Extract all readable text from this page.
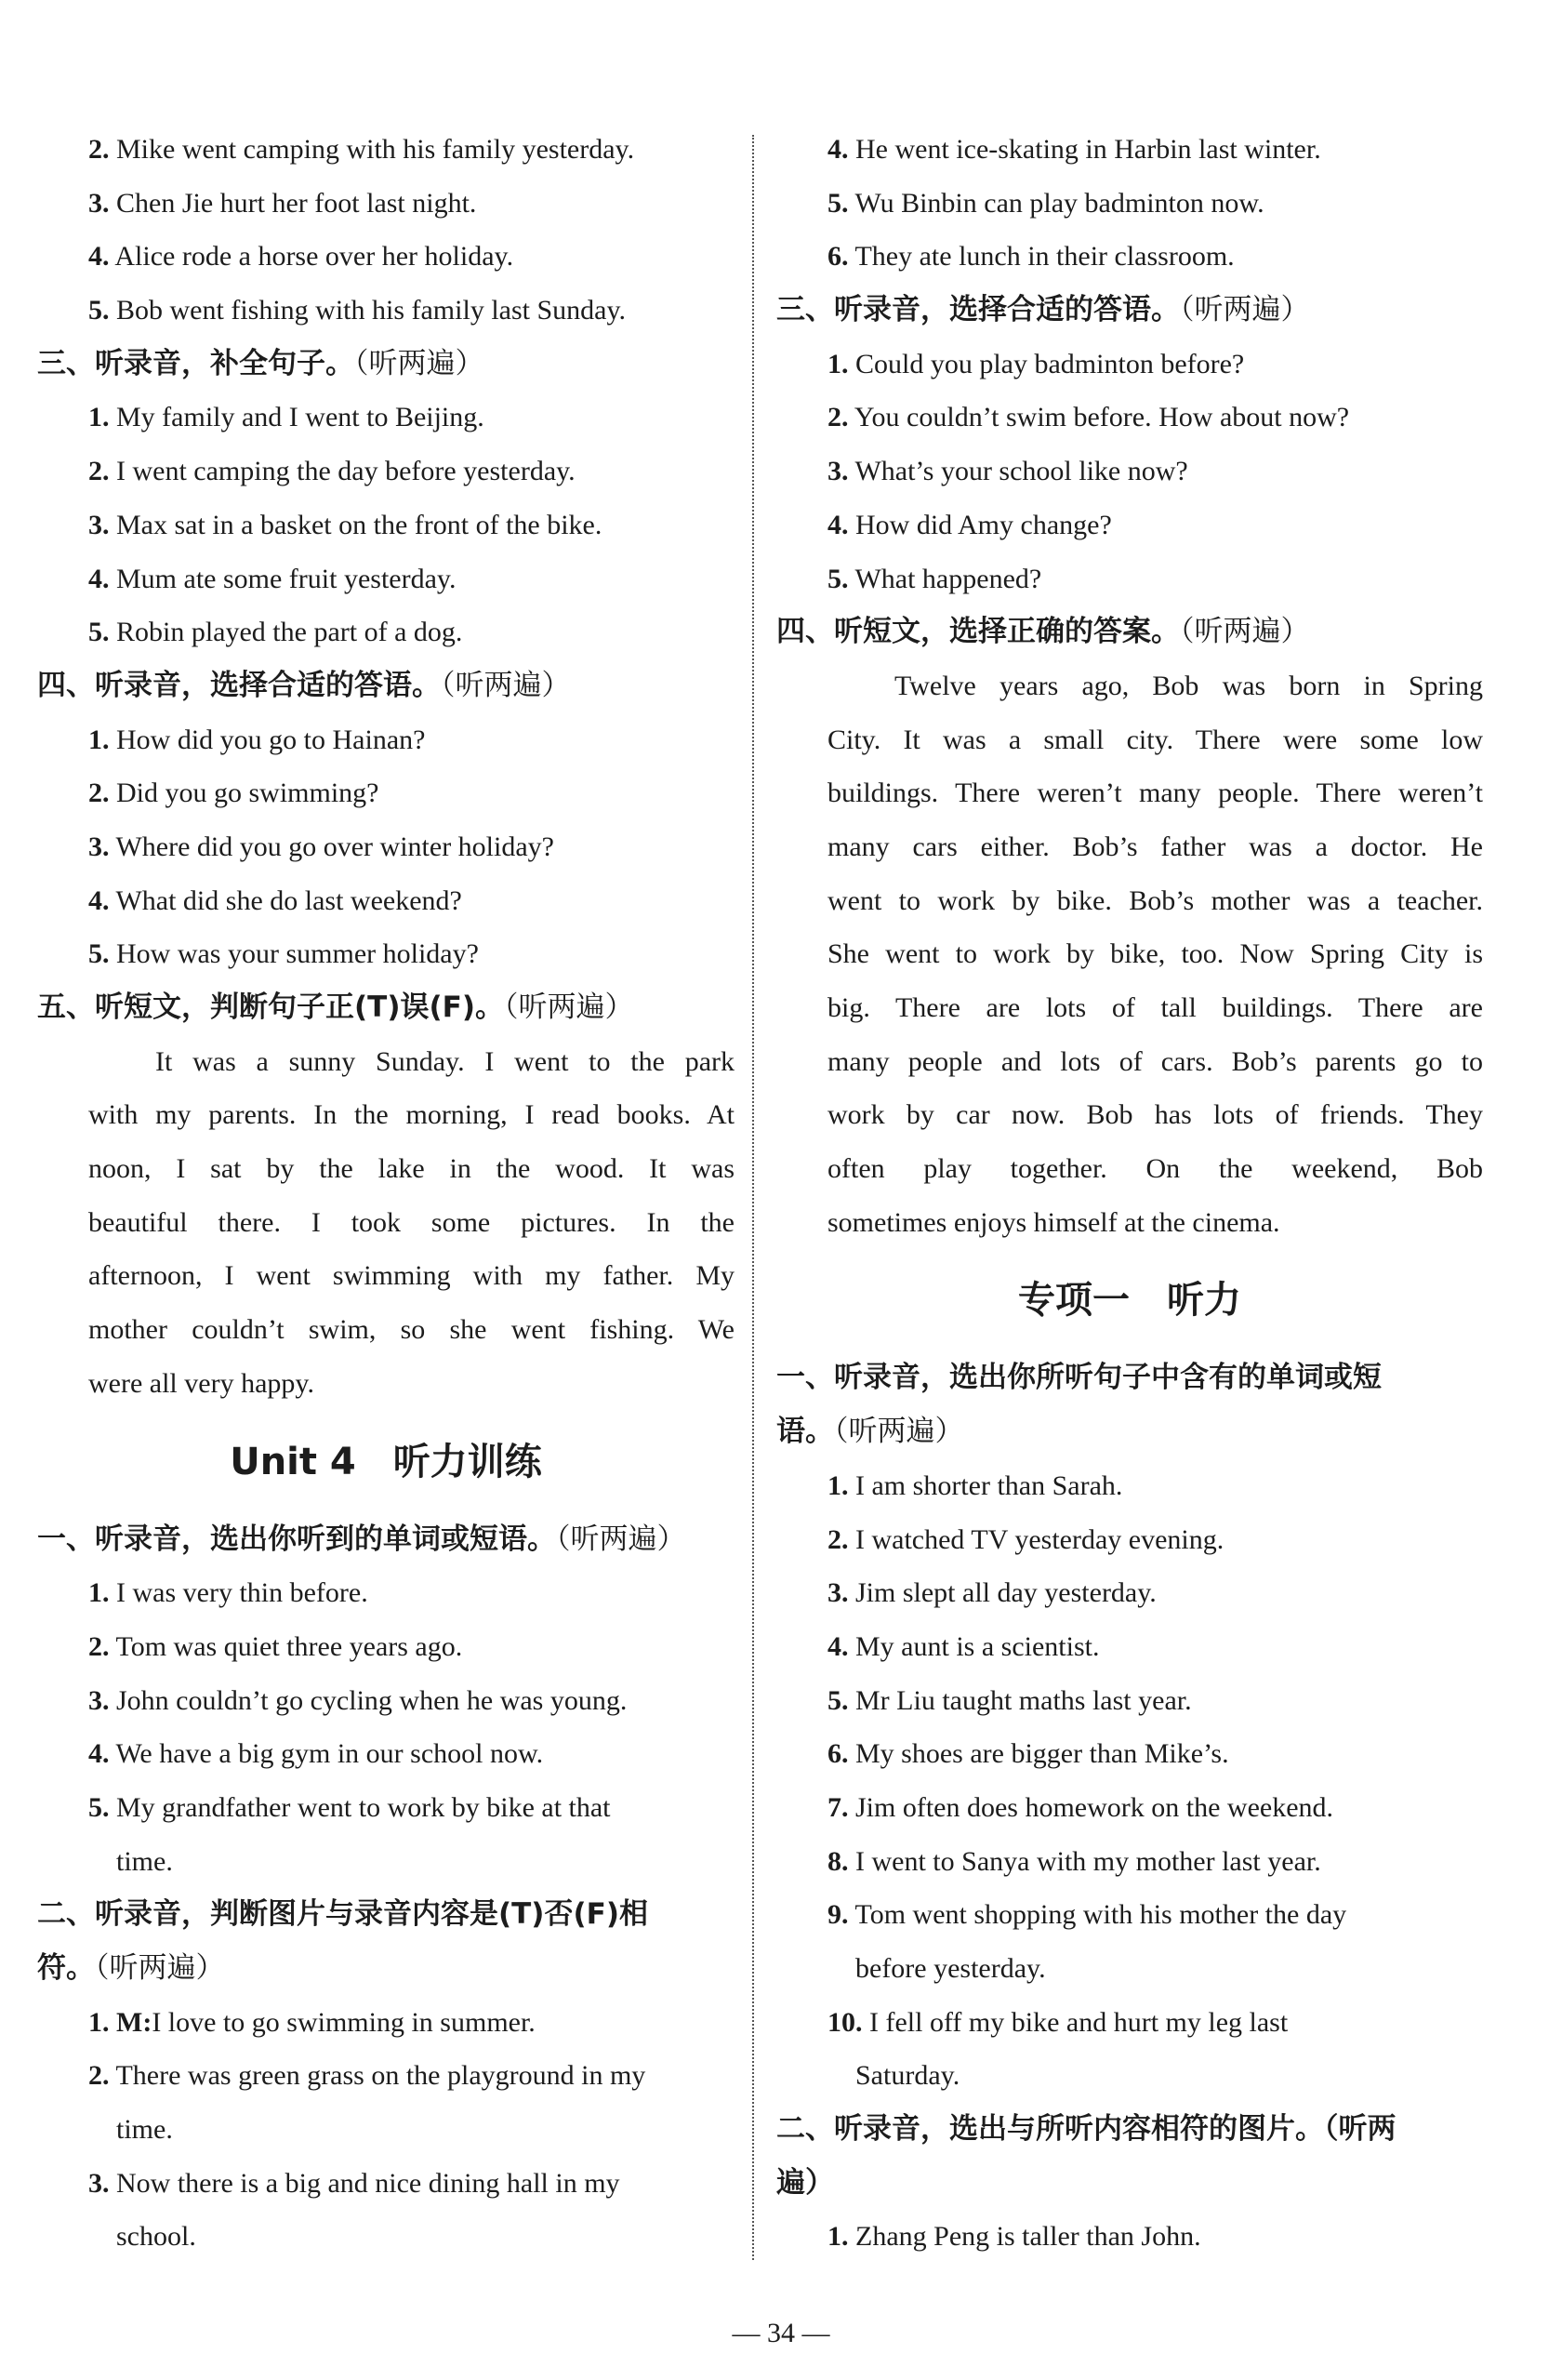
2. Mike went camping with his family yesterday.
3. Chen Jie hurt her foot last night.
4. Alice rode a horse over her holiday.
5. Bob went fishing with his family last Sunday.
三、听录音，补全句子。（听两遍）
1. My family and I went to Beijing.
2. I went camping the day before yesterday.
3. Max sat in a basket on the front of the bike.
4. Mum ate some fruit yesterday.
5. Robin played the part of a dog.
四、听录音，选择合适的答语。（听两遍）
1. How did you go to Hainan?
2. Did you go swimming?
3. Where did you go over winter holiday?
4. What did she do last weekend?
5. How was your summer holiday?
五、听短文，判断句子正(T)误(F)。（听两遍）
It was a sunny Sunday. I went to the park
with my parents. In the morning, I read books. At
noon, I sat by the lake in the wood. It was
beautiful there. I took some pictures. In the
afternoon, I went swimming with my father. My
mother couldn’t swim, so she went fishing. We
were all very happy.
Unit 4 听力训练
一、听录音，选出你听到的单词或短语。（听两遍）
1. I was very thin before.
2. Tom was quiet three years ago.
3. John couldn’t go cycling when he was young.
4. We have a big gym in our school now.
5. My grandfather went to work by bike at that
time.
二、听录音，判断图片与录音内容是(T)否(F)相
符。（听两遍）
1. M:I love to go swimming in summer.
2. There was green grass on the playground in my
time.
3. Now there is a big and nice dining hall in my
school.
4. He went ice-skating in Harbin last winter.
5. Wu Binbin can play badminton now.
6. They ate lunch in their classroom.
三、听录音，选择合适的答语。（听两遍）
1. Could you play badminton before?
2. You couldn’t swim before. How about now?
3. What’s your school like now?
4. How did Amy change?
5. What happened?
四、听短文，选择正确的答案。（听两遍）
Twelve years ago, Bob was born in Spring
City. It was a small city. There were some low
buildings. There weren’t many people. There weren’t
many cars either. Bob’s father was a doctor. He
went to work by bike. Bob’s mother was a teacher.
She went to work by bike, too. Now Spring City is
big. There are lots of tall buildings. There are
many people and lots of cars. Bob’s parents go to
work by car now. Bob has lots of friends. They
often play together. On the weekend, Bob
sometimes enjoys himself at the cinema.
专项一 听力
一、听录音，选出你所听句子中含有的单词或短
语。（听两遍）
1. I am shorter than Sarah.
2. I watched TV yesterday evening.
3. Jim slept all day yesterday.
4. My aunt is a scientist.
5. Mr Liu taught maths last year.
6. My shoes are bigger than Mike’s.
7. Jim often does homework on the weekend.
8. I went to Sanya with my mother last year.
9. Tom went shopping with his mother the day
before yesterday.
10. I fell off my bike and hurt my leg last
Saturday.
二、听录音，选出与所听内容相符的图片。（听两
遍）
1. Zhang Peng is taller than John.
— 34 —
